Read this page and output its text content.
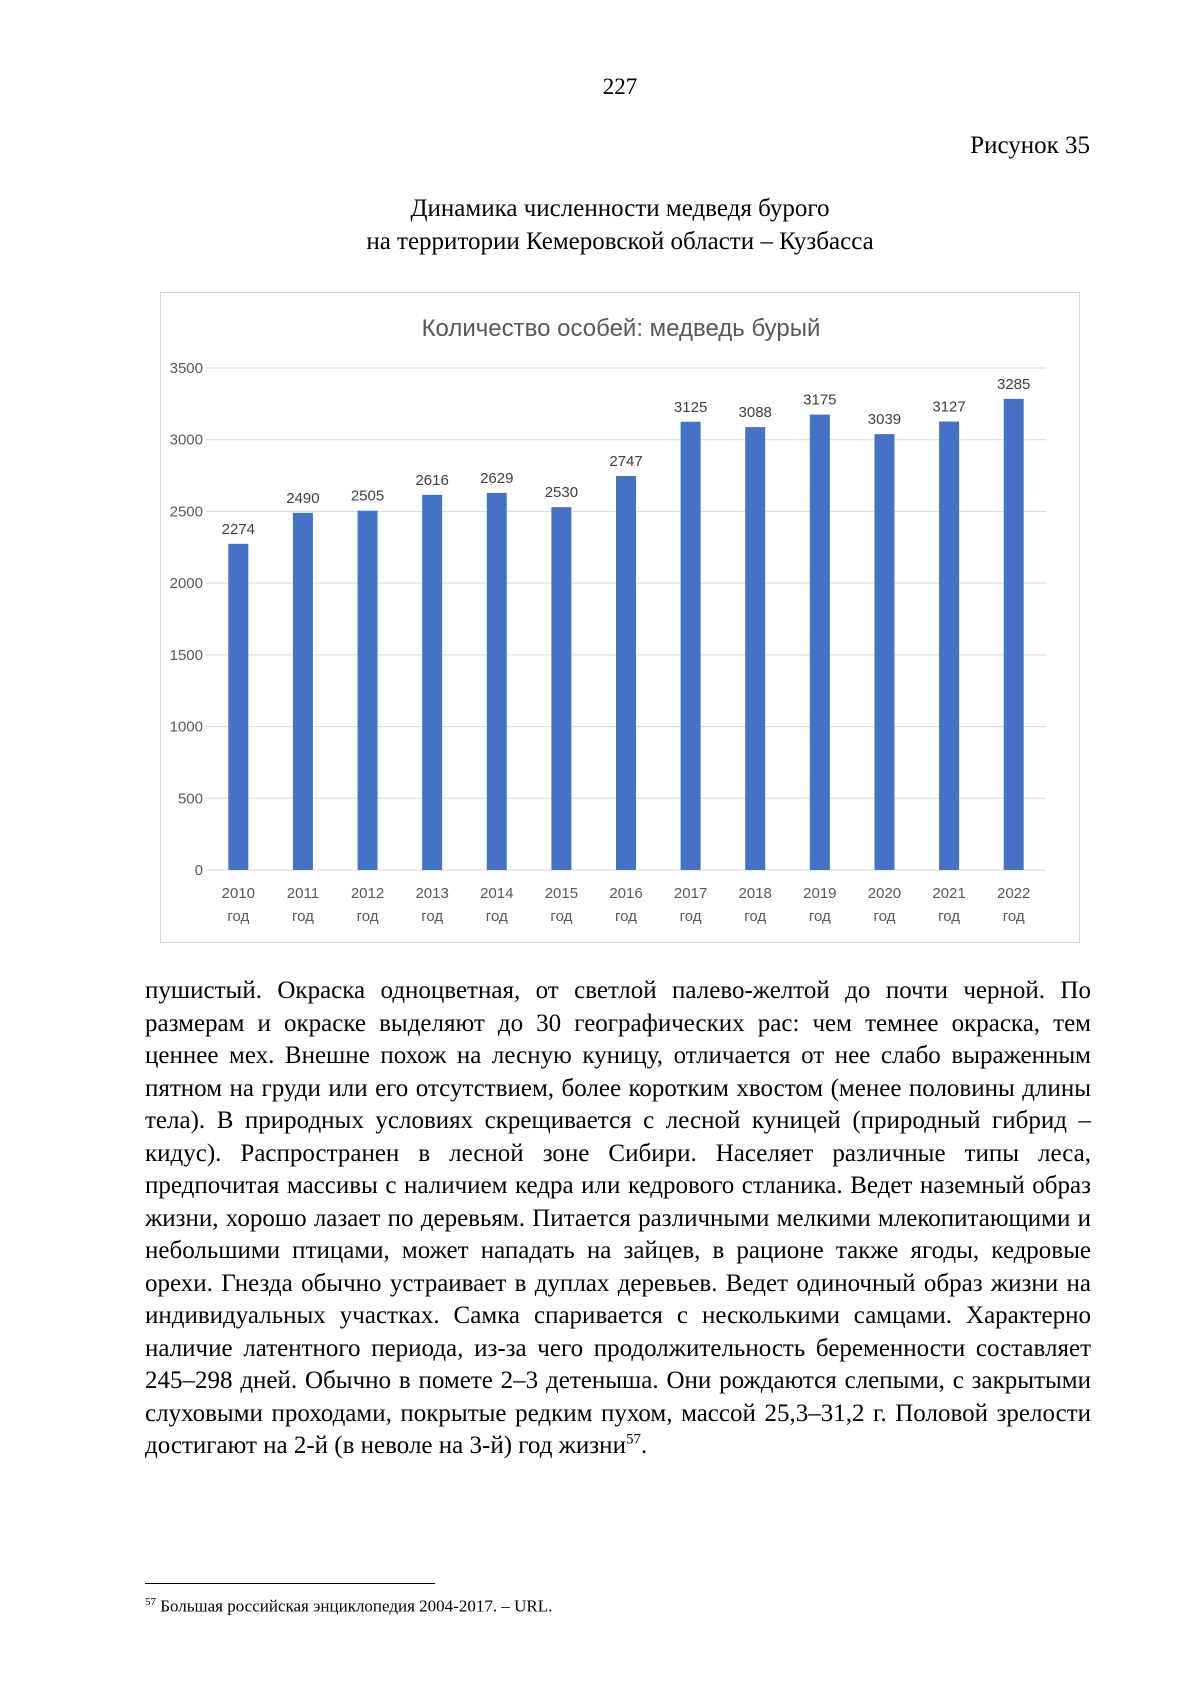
227
Рисунок 35
Динамика численности медведя бурого
на территории Кемеровской области – Кузбасса
Количество особей: медведь бурый
0
500
1000
1500
2000
2500
3000
3500
2274
2010
год
2490
2011
год
2505
2012
год
2616
2013
год
2629
2014
год
2530
2015
год
2747
2016
год
3125
2017
год
3088
2018
год
3175
2019
год
3039
2020
год
3127
2021
год
3285
2022
год
пушистый. Окраска одноцветная, от светлой палево-желтой до почти черной. По размерам и окраске выделяют до 30 географических рас: чем темнее окраска, тем ценнее мех. Внешне похож на лесную куницу, отличается от нее слабо выраженным пятном на груди или его отсутствием, более коротким хвостом (менее половины длины тела). В природных условиях скрещивается с лесной куницей (природный гибрид – кидус). Распространен в лесной зоне Сибири. Населяет различные типы леса, предпочитая массивы с наличием кедра или кедрового стланика. Ведет наземный образ жизни, хорошо лазает по деревьям. Питается различными мелкими млекопитающими и небольшими птицами, может нападать на зайцев, в рационе также ягоды, кедровые орехи. Гнезда обычно устраивает в дуплах деревьев. Ведет одиночный образ жизни на индивидуальных участках. Самка спаривается с несколькими самцами. Характерно наличие латентного периода, из-за чего продолжительность беременности составляет 245–298 дней. Обычно в помете 2–3 детеныша. Они рождаются слепыми, с закрытыми слуховыми проходами, покрытые редким пухом, массой 25,3–31,2 г. Половой зрелости достигают на 2-й (в неволе на 3-й) год жизни$^{57}$.
$^{57}$ Большая российская энциклопедия 2004-2017. – URL.
